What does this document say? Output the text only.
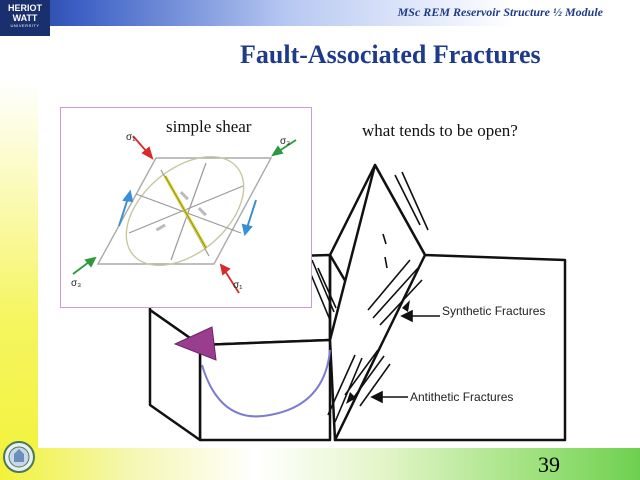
HERIOT
WATT
UNIVERSITY
MSc REM Reservoir Structure ½ Module
Fault-Associated Fractures
39
Synthetic Fractures
Antithetic Fractures
σ₁	σ₃
σ₃	σ₁
simple shear	what tends to be open?
